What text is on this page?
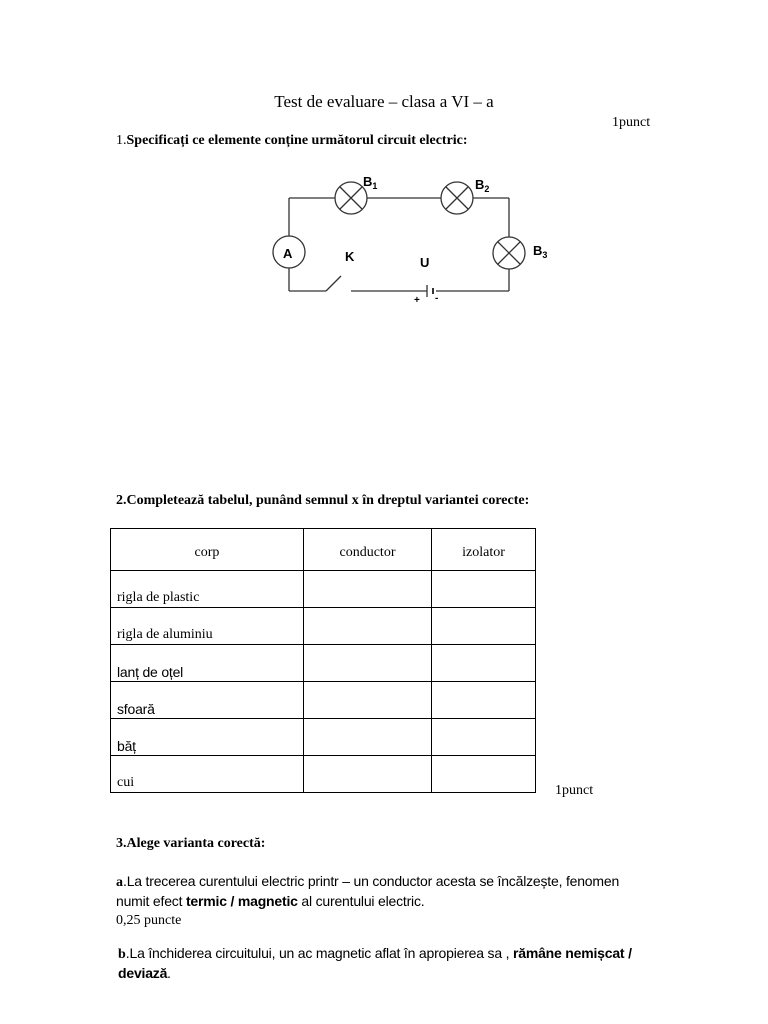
Test de evaluare – clasa a VI – a
1punct
1.Specificați ce elemente conține următorul circuit electric:
A
$B_1$	$B_2$
$B_3$
K	U
+ -
2.Completează tabelul, punând semnul x în dreptul variantei corecte:
corp	conductor	izolator
rigla de plastic		
rigla de aluminiu		
lanț de oțel		
sfoară		
băț		
cui		
1punct
3.Alege varianta corectă:
a.La trecerea curentului electric printr – un conductor acesta se încălzește, fenomen
numit efect termic / magnetic al curentului electric.
0,25 puncte
b.La închiderea circuitului, un ac magnetic aflat în apropierea sa , rămâne nemișcat /
deviază.
